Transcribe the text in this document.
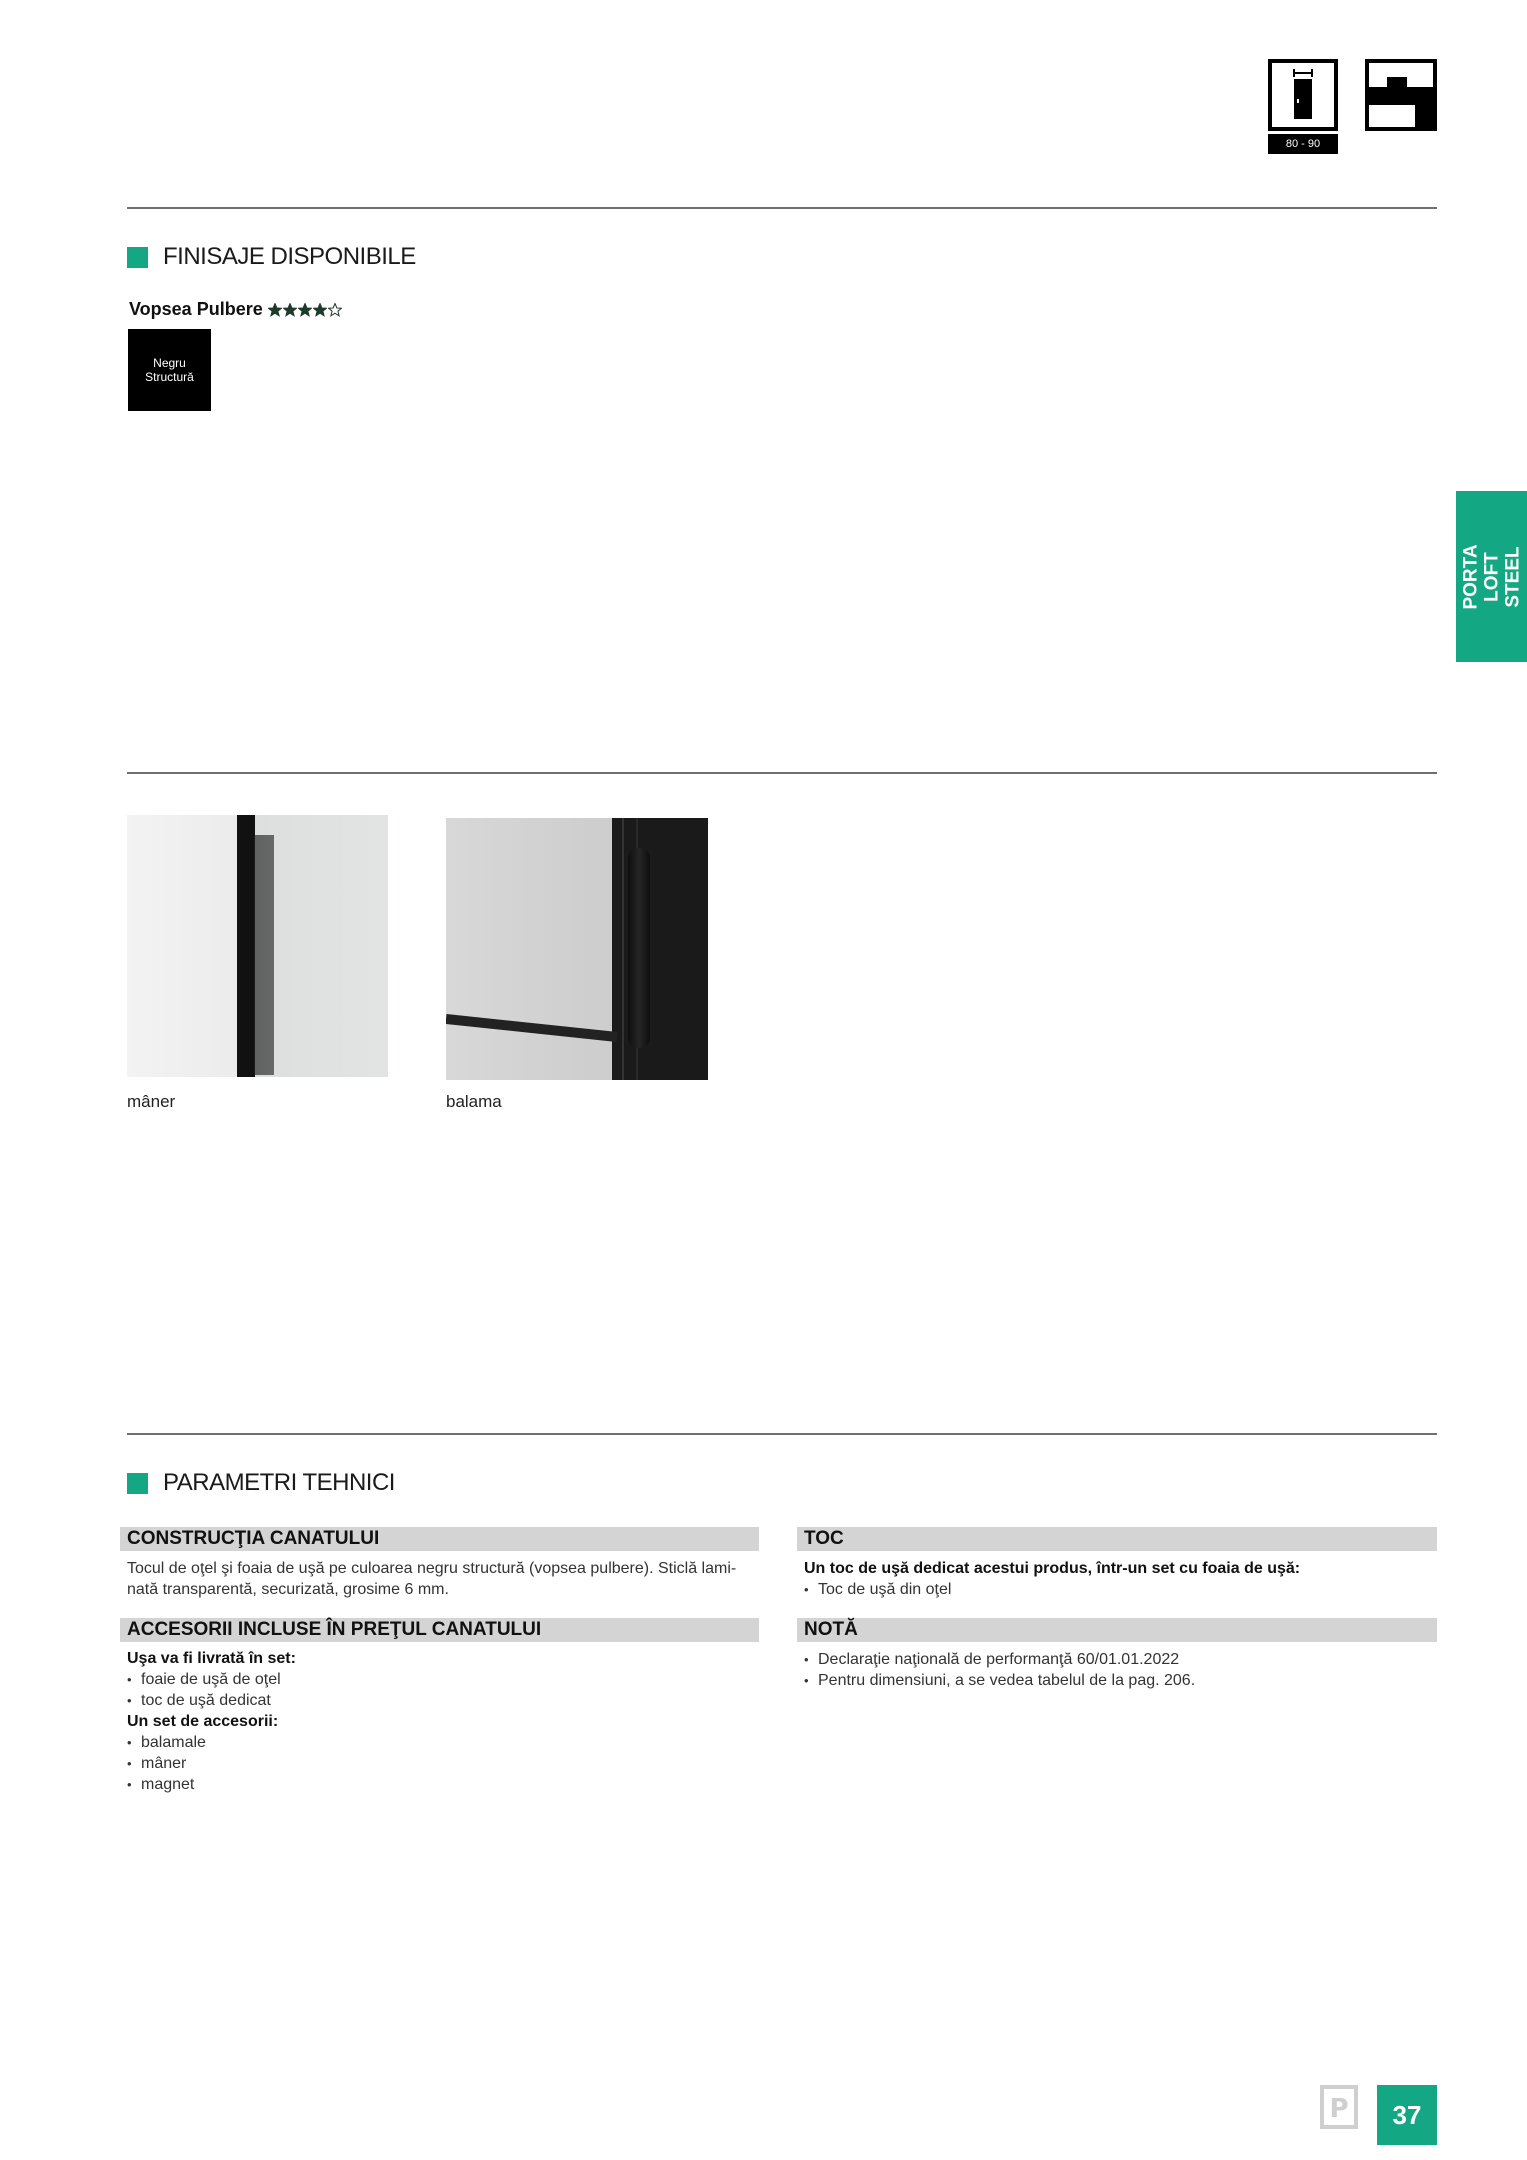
80 - 90
PORTA LOFT STEEL
FINISAJE DISPONIBILE
Vopsea Pulbere
Negru
Structură
mâner	balama
PARAMETRI TEHNICI
CONSTRUCŢIA CANATULUI
Tocul de oţel şi foaia de uşă pe culoarea negru structură (vopsea pulbere). Sticlă lami-
nată transparentă, securizată, grosime 6 mm.
ACCESORII INCLUSE ÎN PREŢUL CANATULUI
Uşa va fi livrată în set:
• foaie de uşă de oţel
• toc de uşă dedicat
Un set de accesorii:
• balamale
• mâner
• magnet
TOC
Un toc de uşă dedicat acestui produs, într-un set cu foaia de uşă:
• Toc de uşă din oţel
NOTĂ
• Declaraţie naţională de performanţă 60/01.01.2022
• Pentru dimensiuni, a se vedea tabelul de la pag. 206.
P	37
